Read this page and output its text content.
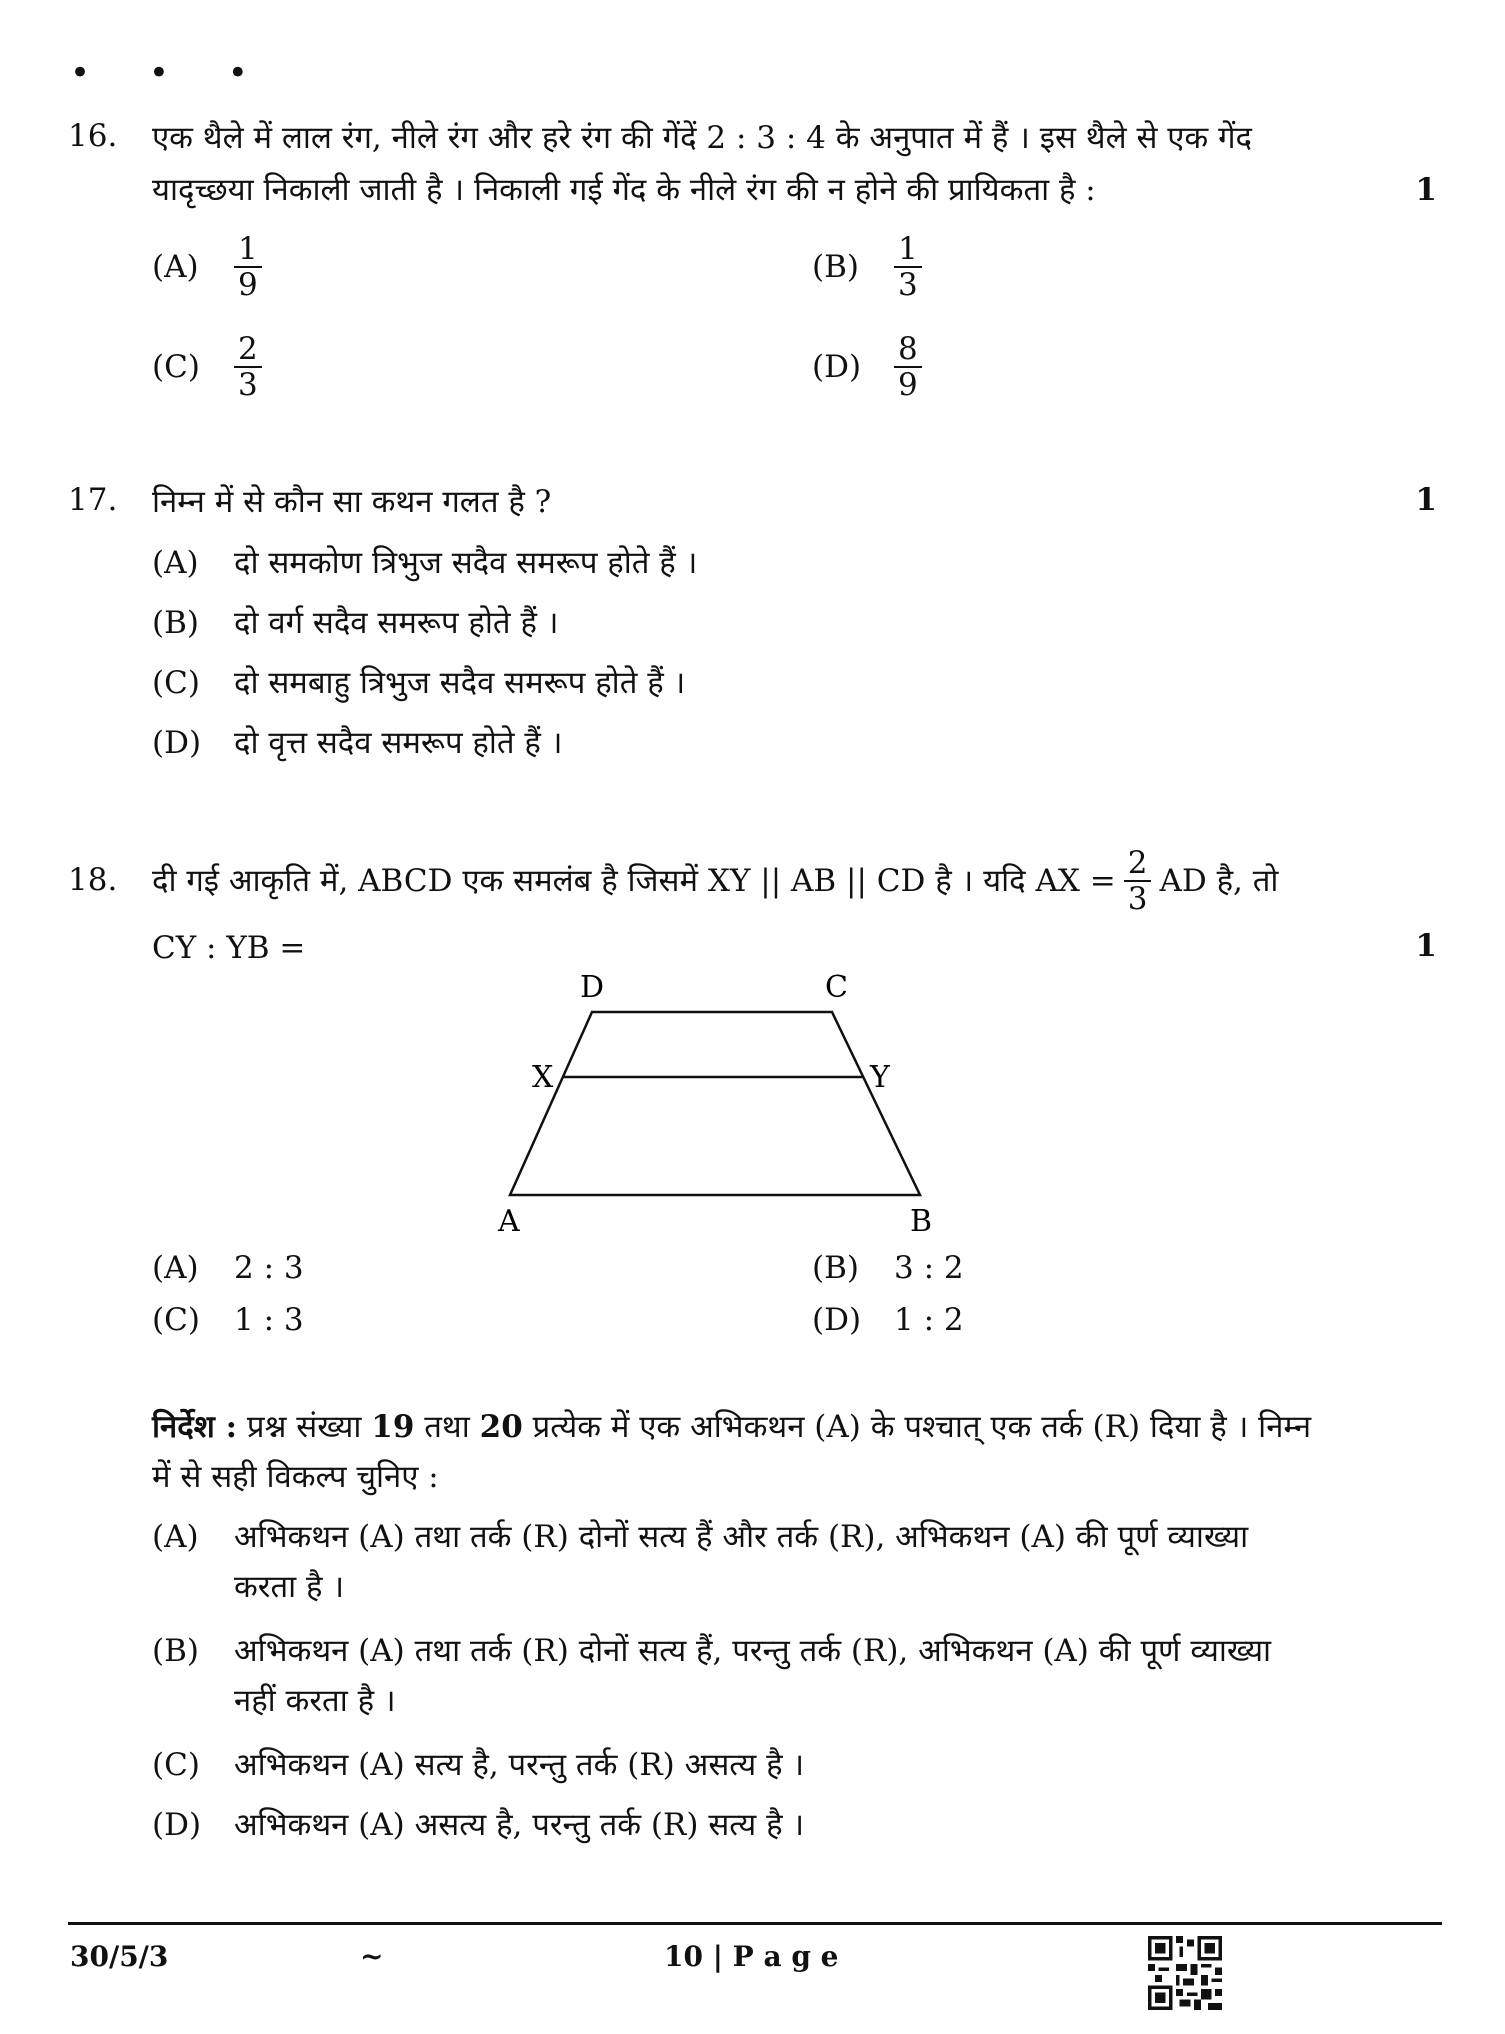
• • •
16. एक थैले में लाल रंग, नीले रंग और हरे रंग की गेंदें 2 : 3 : 4 के अनुपात में हैं । इस थैले से एक गेंद
यादृच्छया निकाली जाती है । निकाली गई गेंद के नीले रंग की न होने की प्रायिकता है :	1
(A)	$\frac{1}{9}$	(B)	$\frac{1}{3}$
(C)	$\frac{2}{3}$	(D)	$\frac{8}{9}$
17. निम्न में से कौन सा कथन गलत है ?	1
(A) दो समकोण त्रिभुज सदैव समरूप होते हैं ।
(B) दो वर्ग सदैव समरूप होते हैं ।
(C) दो समबाहु त्रिभुज सदैव समरूप होते हैं ।
(D) दो वृत्त सदैव समरूप होते हैं ।
18. दी गई आकृति में, ABCD एक समलंब है जिसमें XY || AB || CD है । यदि AX = $\frac{2}{3}$ AD है, तो
CY : YB =	1
D	C
X	Y
A	B
(A) 2 : 3	(B) 3 : 2
(C) 1 : 3	(D) 1 : 2
निर्देश : प्रश्न संख्या 19 तथा 20 प्रत्येक में एक अभिकथन (A) के पश्चात् एक तर्क (R) दिया है । निम्न
में से सही विकल्प चुनिए :
(A) अभिकथन (A) तथा तर्क (R) दोनों सत्य हैं और तर्क (R), अभिकथन (A) की पूर्ण व्याख्या
करता है ।
(B) अभिकथन (A) तथा तर्क (R) दोनों सत्य हैं, परन्तु तर्क (R), अभिकथन (A) की पूर्ण व्याख्या
नहीं करता है ।
(C) अभिकथन (A) सत्य है, परन्तु तर्क (R) असत्य है ।
(D) अभिकथन (A) असत्य है, परन्तु तर्क (R) सत्य है ।
30/5/3	~	10 | P a g e
